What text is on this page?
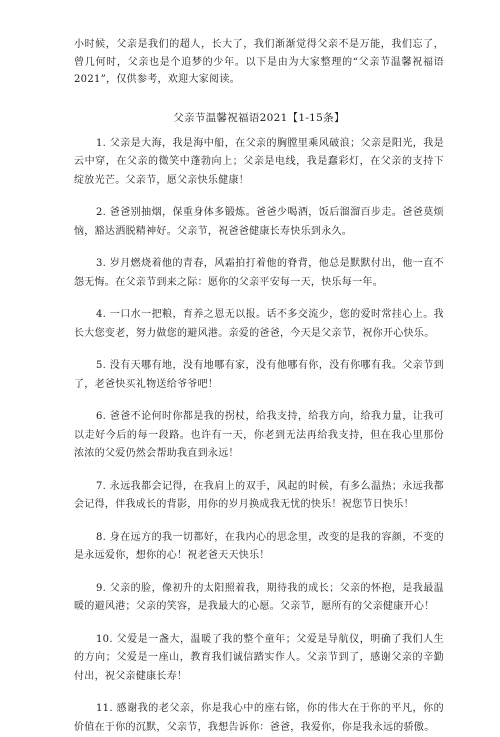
小时候，父亲是我们的超人，长大了，我们渐渐觉得父亲不是万能，我们忘了，曾几何时，父亲也是个追梦的少年。以下是由为大家整理的“父亲节温馨祝福语2021”，仅供参考，欢迎大家阅读。

父亲节温馨祝福语2021【1-15条】

1. 父亲是大海，我是海中船，在父亲的胸膛里乘风破浪；父亲是阳光，我是云中穿，在父亲的微笑中蓬勃向上；父亲是电线，我是蠢彩灯，在父亲的支持下绽放光芒。父亲节，愿父亲快乐健康！

2. 爸爸别抽烟，保重身体多锻炼。爸爸少喝酒，饭后溜溜百步走。爸爸莫烦恼，豁达洒脱精神好。父亲节，祝爸爸健康长寿快乐到永久。

3. 岁月燃烧着他的青春，风霜拍打着他的脊背，他总是默默付出，他一直不怨无悔。在父亲节到来之际：愿你的父亲平安每一天，快乐每一年。

4. 一口水一把粮，育养之恩无以报。话不多交流少，您的爱时常挂心上。我长大您变老，努力做您的避风港。亲爱的爸爸，今天是父亲节，祝你开心快乐。

5. 没有天哪有地，没有地哪有家，没有他哪有你，没有你哪有我。父亲节到了，老爸快买礼物送给爷爷吧！

6. 爸爸不论何时你都是我的拐杖，给我支持，给我方向，给我力量，让我可以走好今后的每一段路。也许有一天，你老到无法再给我支持，但在我心里那份浓浓的父爱仍然会帮助我直到永远！

7. 永远我都会记得，在我肩上的双手，风起的时候，有多么温热；永远我都会记得，伴我成长的背影，用你的岁月换成我无忧的快乐！祝您节日快乐！

8. 身在远方的我一切都好，在我内心的思念里，改变的是我的容颜，不变的是永远爱你，想你的心！祝老爸天天快乐！

9. 父亲的脸，像初升的太阳照着我，期待我的成长；父亲的怀抱，是我最温暖的避风港；父亲的笑容，是我最大的心愿。父亲节，愿所有的父亲健康开心！

10. 父爱是一盏大，温暖了我的整个童年；父爱是导航仪，明确了我们人生的方向；父爱是一座山，教育我们诚信踏实作人。父亲节到了，感谢父亲的辛勤付出，祝父亲健康长寿！

11. 感谢我的老父亲，你是我心中的座右铭，你的伟大在于你的平凡，你的价值在于你的沉默，父亲节，我想告诉你：爸爸，我爱你，你是我永远的骄傲。
